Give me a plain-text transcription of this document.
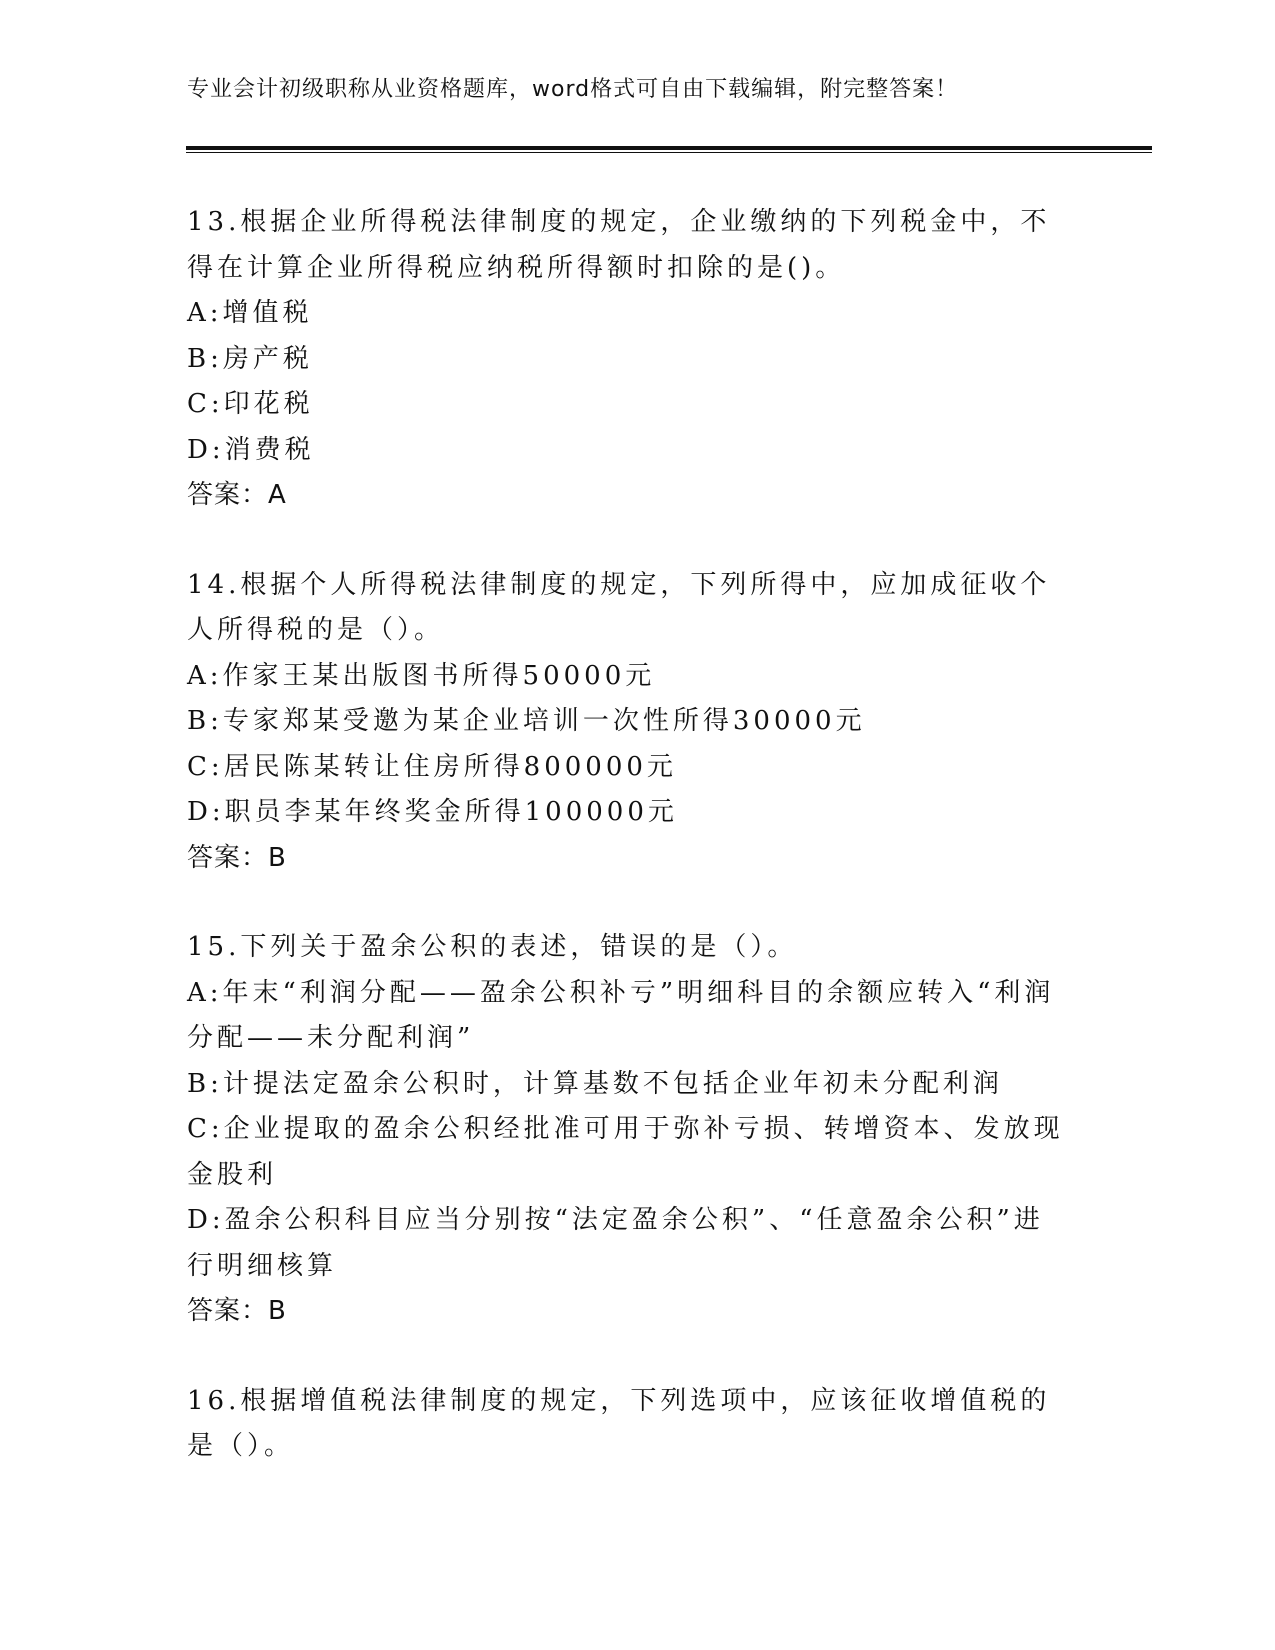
专业会计初级职称从业资格题库，word格式可自由下载编辑，附完整答案！

13.根据企业所得税法律制度的规定，企业缴纳的下列税金中，不得在计算企业所得税应纳税所得额时扣除的是()。

A:增值税

B:房产税

C:印花税

D:消费税

答案：A

14.根据个人所得税法律制度的规定，下列所得中，应加成征收个人所得税的是（）。

A:作家王某出版图书所得50000元

B:专家郑某受邀为某企业培训一次性所得30000元

C:居民陈某转让住房所得800000元

D:职员李某年终奖金所得100000元

答案：B

15.下列关于盈余公积的表述，错误的是（）。

A:年末“利润分配——盈余公积补亏”明细科目的余额应转入“利润分配——未分配利润”

B:计提法定盈余公积时，计算基数不包括企业年初未分配利润

C:企业提取的盈余公积经批准可用于弥补亏损、转增资本、发放现金股利

D:盈余公积科目应当分别按“法定盈余公积”、“任意盈余公积”进行明细核算

答案：B

16.根据增值税法律制度的规定，下列选项中，应该征收增值税的是（）。
